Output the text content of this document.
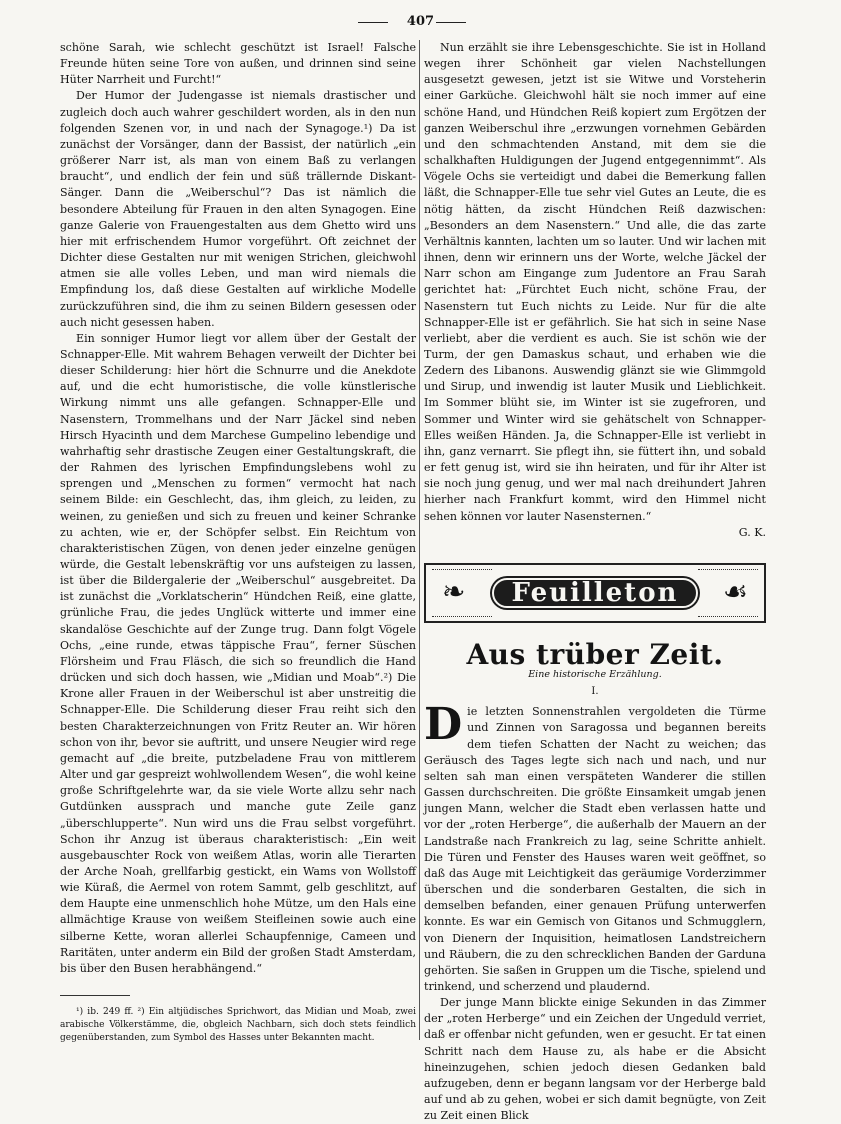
407

schöne Sarah, wie schlecht geschützt ist Israel! Falsche Freunde hüten seine Tore von außen, und drinnen sind seine Hüter Narrheit und Furcht!“

Der Humor der Judengasse ist niemals drastischer und zugleich doch auch wahrer geschildert worden, als in den nun folgenden Szenen vor, in und nach der Synagoge.¹) Da ist zunächst der Vorsänger, dann der Bassist, der natürlich „ein größerer Narr ist, als man von einem Baß zu verlangen braucht“, und endlich der fein und süß trällernde Diskant-Sänger. Dann die „Weiberschul“? Das ist nämlich die besondere Abteilung für Frauen in den alten Synagogen. Eine ganze Galerie von Frauengestalten aus dem Ghetto wird uns hier mit erfrischendem Humor vorgeführt. Oft zeichnet der Dichter diese Gestalten nur mit wenigen Strichen, gleichwohl atmen sie alle volles Leben, und man wird niemals die Empfindung los, daß diese Gestalten auf wirkliche Modelle zurückzuführen sind, die ihm zu seinen Bildern gesessen oder auch nicht gesessen haben.

Ein sonniger Humor liegt vor allem über der Gestalt der Schnapper-Elle. Mit wahrem Behagen verweilt der Dichter bei dieser Schilderung: hier hört die Schnurre und die Anekdote auf, und die echt humoristische, die volle künstlerische Wirkung nimmt uns alle gefangen. Schnapper-Elle und Nasenstern, Trommelhans und der Narr Jäckel sind neben Hirsch Hyacinth und dem Marchese Gumpelino lebendige und wahrhaftig sehr drastische Zeugen einer Gestaltungskraft, die der Rahmen des lyrischen Empfindungslebens wohl zu sprengen und „Menschen zu formen“ vermocht hat nach seinem Bilde: ein Geschlecht, das, ihm gleich, zu leiden, zu weinen, zu genießen und sich zu freuen und keiner Schranke zu achten, wie er, der Schöpfer selbst. Ein Reichtum von charakteristischen Zügen, von denen jeder einzelne genügen würde, die Gestalt lebenskräftig vor uns aufsteigen zu lassen, ist über die Bildergalerie der „Weiberschul“ ausgebreitet. Da ist zunächst die „Vorklatscherin“ Hündchen Reiß, eine glatte, grünliche Frau, die jedes Unglück witterte und immer eine skandalöse Geschichte auf der Zunge trug. Dann folgt Vögele Ochs, „eine runde, etwas täppische Frau“, ferner Süschen Flörsheim und Frau Fläsch, die sich so freundlich die Hand drücken und sich doch hassen, wie „Midian und Moab“.²) Die Krone aller Frauen in der Weiberschul ist aber unstreitig die Schnapper-Elle. Die Schilderung dieser Frau reiht sich den besten Charakterzeichnungen von Fritz Reuter an. Wir hören schon von ihr, bevor sie auftritt, und unsere Neugier wird rege gemacht auf „die breite, putzbeladene Frau von mittlerem Alter und gar gespreizt wohlwollendem Wesen“, die wohl keine große Schriftgelehrte war, da sie viele Worte allzu sehr nach Gutdünken aussprach und manche gute Zeile ganz „überschlupperte“. Nun wird uns die Frau selbst vorgeführt. Schon ihr Anzug ist überaus charakteristisch: „Ein weit ausgebauschter Rock von weißem Atlas, worin alle Tierarten der Arche Noah, grellfarbig gestickt, ein Wams von Wollstoff wie Küraß, die Aermel von rotem Sammt, gelb geschlitzt, auf dem Haupte eine unmenschlich hohe Mütze, um den Hals eine allmächtige Krause von weißem Steifleinen sowie auch eine silberne Kette, woran allerlei Schaupfennige, Cameen und Raritäten, unter anderm ein Bild der großen Stadt Amsterdam, bis über den Busen herabhängend.“

¹) ib. 249 ff. ²) Ein altjüdisches Sprichwort, das Midian und Moab, zwei arabische Völkerstämme, die, obgleich Nachbarn, sich doch stets feindlich gegenüberstanden, zum Symbol des Hasses unter Bekannten macht.

Nun erzählt sie ihre Lebensgeschichte. Sie ist in Holland wegen ihrer Schönheit gar vielen Nachstellungen ausgesetzt gewesen, jetzt ist sie Witwe und Vorsteherin einer Garküche. Gleichwohl hält sie noch immer auf eine schöne Hand, und Hündchen Reiß kopiert zum Ergötzen der ganzen Weiberschul ihre „erzwungen vornehmen Gebärden und den schmachtenden Anstand, mit dem sie die schalkhaften Huldigungen der Jugend entgegennimmt“. Als Vögele Ochs sie verteidigt und dabei die Bemerkung fallen läßt, die Schnapper-Elle tue sehr viel Gutes an Leute, die es nötig hätten, da zischt Hündchen Reiß dazwischen: „Besonders an dem Nasenstern.“ Und alle, die das zarte Verhältnis kannten, lachten um so lauter. Und wir lachen mit ihnen, denn wir erinnern uns der Worte, welche Jäckel der Narr schon am Eingange zum Judentore an Frau Sarah gerichtet hat: „Fürchtet Euch nicht, schöne Frau, der Nasenstern tut Euch nichts zu Leide. Nur für die alte Schnapper-Elle ist er gefährlich. Sie hat sich in seine Nase verliebt, aber die verdient es auch. Sie ist schön wie der Turm, der gen Damaskus schaut, und erhaben wie die Zedern des Libanons. Auswendig glänzt sie wie Glimmgold und Sirup, und inwendig ist lauter Musik und Lieblichkeit. Im Sommer blüht sie, im Winter ist sie zugefroren, und Sommer und Winter wird sie gehätschelt von Schnapper-Elles weißen Händen. Ja, die Schnapper-Elle ist verliebt in ihn, ganz vernarrt. Sie pflegt ihn, sie füttert ihn, und sobald er fett genug ist, wird sie ihn heiraten, und für ihr Alter ist sie noch jung genug, und wer mal nach dreihundert Jahren hierher nach Frankfurt kommt, wird den Himmel nicht sehen können vor lauter Nasensternen.“

G. K.

❧	Feuilleton	☙
Aus trüber Zeit.
Eine historische Erzählung.
I.

Die letzten Sonnenstrahlen vergoldeten die Türme und Zinnen von Saragossa und begannen bereits dem tiefen Schatten der Nacht zu weichen; das Geräusch des Tages legte sich nach und nach, und nur selten sah man einen verspäteten Wanderer die stillen Gassen durchschreiten. Die größte Einsamkeit umgab jenen jungen Mann, welcher die Stadt eben verlassen hatte und vor der „roten Herberge“, die außerhalb der Mauern an der Landstraße nach Frankreich zu lag, seine Schritte anhielt. Die Türen und Fenster des Hauses waren weit geöffnet, so daß das Auge mit Leichtigkeit das geräumige Vorderzimmer überschen und die sonderbaren Gestalten, die sich in demselben befanden, einer genauen Prüfung unterwerfen konnte. Es war ein Gemisch von Gitanos und Schmugglern, von Dienern der Inquisition, heimatlosen Landstreichern und Räubern, die zu den schrecklichen Banden der Garduna gehörten. Sie saßen in Gruppen um die Tische, spielend und trinkend, und scherzend und plaudernd.

Der junge Mann blickte einige Sekunden in das Zimmer der „roten Herberge“ und ein Zeichen der Ungeduld verriet, daß er offenbar nicht gefunden, wen er gesucht. Er tat einen Schritt nach dem Hause zu, als habe er die Absicht hineinzugehen, schien jedoch diesen Gedanken bald aufzugeben, denn er begann langsam vor der Herberge bald auf und ab zu gehen, wobei er sich damit begnügte, von Zeit zu Zeit einen Blick
